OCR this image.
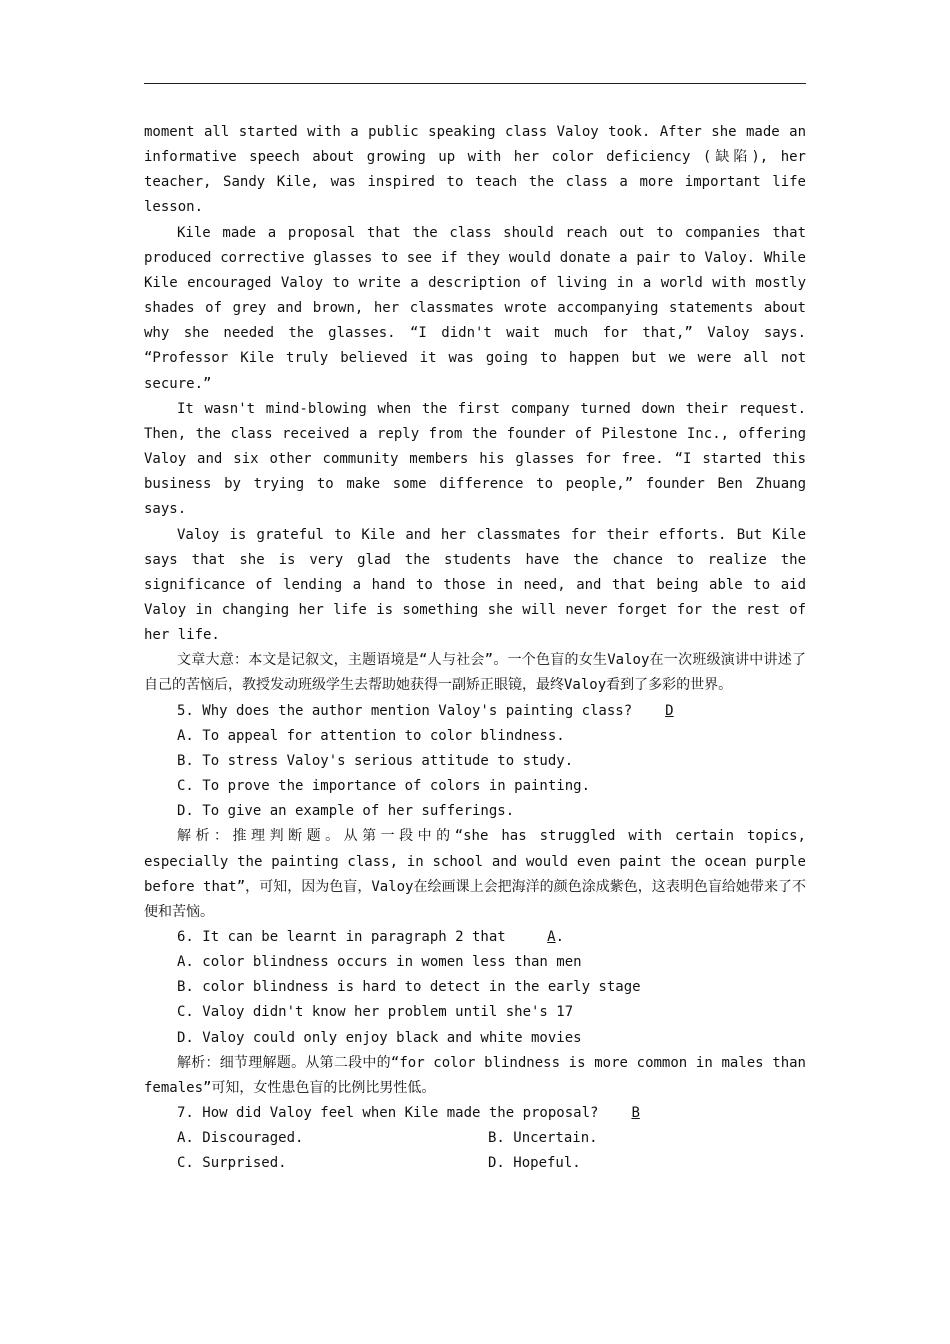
moment all started with a public speaking class Valoy took. After she made an informative speech about growing up with her color deficiency (缺陷), her teacher, Sandy Kile, was inspired to teach the class a more important life lesson.

Kile made a proposal that the class should reach out to companies that produced corrective glasses to see if they would donate a pair to Valoy. While Kile encouraged Valoy to write a description of living in a world with mostly shades of grey and brown, her classmates wrote accompanying statements about why she needed the glasses. “I didn't wait much for that,” Valoy says. “Professor Kile truly believed it was going to happen but we were all not secure.”

It wasn't mind-blowing when the first company turned down their request. Then, the class received a reply from the founder of Pilestone Inc., offering Valoy and six other community members his glasses for free. “I started this business by trying to make some difference to people,” founder Ben Zhuang says.

Valoy is grateful to Kile and her classmates for their efforts. But Kile says that she is very glad the students have the chance to realize the significance of lending a hand to those in need, and that being able to aid Valoy in changing her life is something she will never forget for the rest of her life.

文章大意：本文是记叙文，主题语境是“人与社会”。一个色盲的女生Valoy在一次班级演讲中讲述了自己的苦恼后，教授发动班级学生去帮助她获得一副矫正眼镜，最终Valoy看到了多彩的世界。

5. Why does the author mention Valoy's painting class? D

A. To appeal for attention to color blindness.

B. To stress Valoy's serious attitude to study.

C. To prove the importance of colors in painting.

D. To give an example of her sufferings.

解析：推理判断题。从第一段中的“she has struggled with certain topics, especially the painting class, in school and would even paint the ocean purple before that”，可知，因为色盲，Valoy在绘画课上会把海洋的颜色涂成紫色，这表明色盲给她带来了不便和苦恼。

6. It can be learnt in paragraph 2 that	A.

A. color blindness occurs in women less than men

B. color blindness is hard to detect in the early stage

C. Valoy didn't know her problem until she's 17

D. Valoy could only enjoy black and white movies

解析：细节理解题。从第二段中的“for color blindness is more common in males than females”可知，女性患色盲的比例比男性低。

7. How did Valoy feel when Kile made the proposal? B

A. Discouraged.	B. Uncertain.
C. Surprised.	D. Hopeful.
